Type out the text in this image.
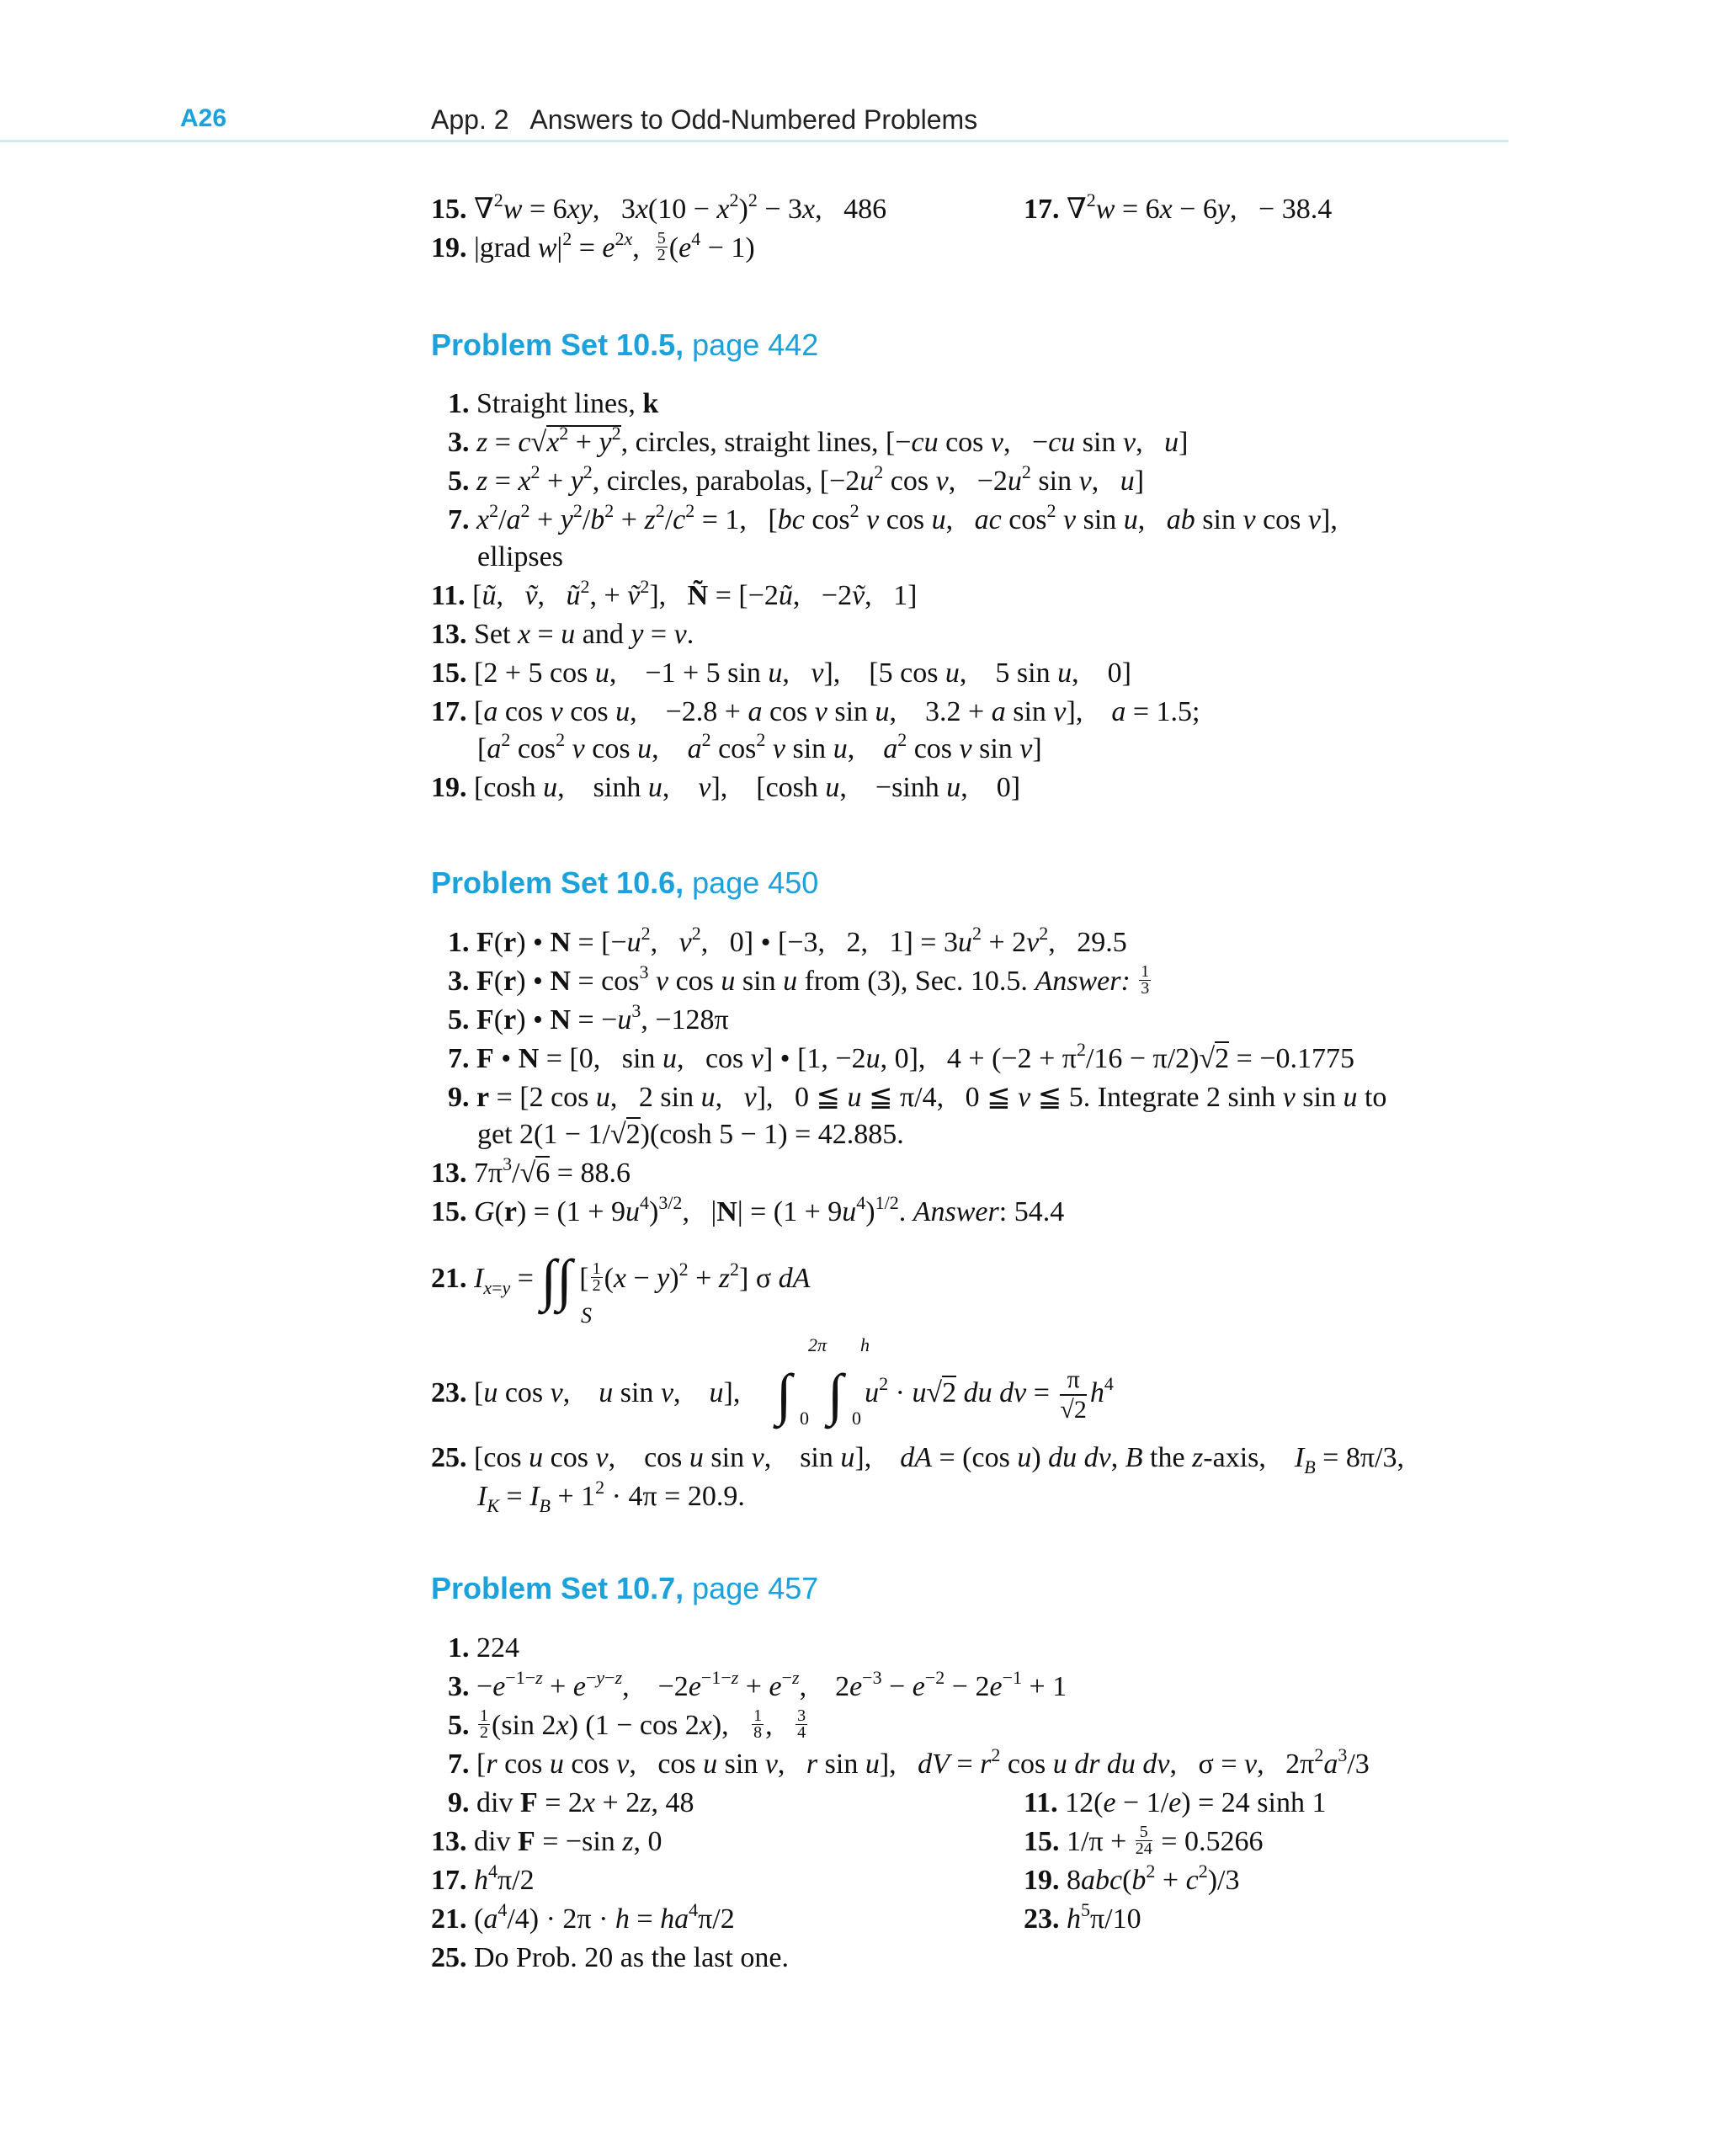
A26	App. 2   Answers to Odd-Numbered Problems
15. ∇$^2$w = 6xy,   $3x(10 - x^2)^2 - 3x$,   486	17. ∇$^2$w = 6x − 6y,   − 38.4
19. |grad $w|^2 = e^{2x}$, $\frac{5}{2} (e^4 - 1)$
Problem Set 10.5, page 442
1. Straight lines, k
3. $z = c√x^2 + y^2$, circles, straight lines, [−cu cos v,   −cu sin v,   u]
5. $z = x^2 + y^2$, circles, parabolas, [$-2u^2$ cos v,   $-2u^2$ sin v,   u]
7. $x^2/a^2 + y^2/b^2 + z^2/c^2 = 1$,   [bc $\cos^2 v$ cos u,   ac $\cos^2 v$ sin u,   ab sin v cos v],
ellipses
11. [ũ,   ṽ,   $ũ^2$, + ṽ$^2$],   Ñ = [−2ũ,   −2ṽ,   1]
13. Set x = u and y = v.
15. [2 + 5 cos u,    −1 + 5 sin u,   v],    [5 cos u,    5 sin u,    0]
17. [a cos v cos u,    −2.8 + a cos v sin u,    3.2 + a sin v],    a = 1.5;
[$a^2$ $\cos^2 v$ cos u,    $a^2$ $\cos^2 v$ sin u,    $a^2$ cos v sin v]
19. [cosh u,    sinh u,    v],    [cosh u,    −sinh u,    0]
Problem Set 10.6, page 450
1. F(r) • $N = [-u^2$,   $v^2$,   0] • [−3,   2,   $1] = 3u^2 + 2v^2$,   29.5
3. F(r) • $N = \cos^3 v$ cos u sin u from (3), Sec. 10.5. Answer: $\frac{1}{3}$
5. F(r) • $N = -u^3$, −128π
7. F • N = [0,   sin u,   cos v] • [1, −2u, 0],   $4 + (-2 + \pi^2/16 - \pi/2)√2 = -0.1775$
9. r = [2 cos u,   2 sin u,   v],   0 ≦ u ≦ π/4,   0 ≦ v ≦ 5. Integrate 2 sinh v sin u to
get 2(1 − 1/√2)(cosh 5 − 1) = 42.885.
13. $7\pi^3/√6 = 88.6$
15. $G(r) = (1 + 9u^4)^{3/2}$,   $|N| = (1 + 9u^4)^{1/2}$. Answer: 54.4
21. $I_{x=y}$ = ∫∫ [ $\frac{1}{2} (x - y)^2 + z^2$] σ dA
S
23. [u cos v,    u sin v,    u],     ∫ ∫ $u^2 \cdot u√2$ du dv = $\frac{\pi}{√2} h^4$
2π h
0 0
25. [cos u cos v,    cos u sin v,    sin u],    dA = (cos u) du dv, B the z-axis, $I_B = 8\pi/3$,
$I_K = I_B + 1^2 \cdot 4\pi = 20.9$.
Problem Set 10.7, page 457
1. 224
3. $-e^{-1-z} + e^{-y-z}$,    $-2e^{-1-z} + e^{-z}$,    $2e^{-3} - e^{-2} - 2e^{-1} + 1$
5. $\frac{1}{2} (\sin$ 2x) (1 − cos 2x), $\frac{1}{8}$ , $\frac{3}{4}$
7. [r cos u cos v,   cos u sin v,   r sin u],   dV = $r^2$ cos u dr du dv,   σ = v,   $2\pi^2a^3/3$
9. div F = 2x + 2z, 48	11. 12(e − 1/e) = 24 sinh 1
13. div F = −sin z, 0	15. $1/\pi + \frac{5}{24} = 0.5266$
17. $h^4\pi/2$	19. $8abc(b^2 + c^2)/3$
21. $(a^4/4) \cdot 2\pi \cdot h = ha^4\pi/2$	23. $h^5\pi/10$
25. Do Prob. 20 as the last one.
